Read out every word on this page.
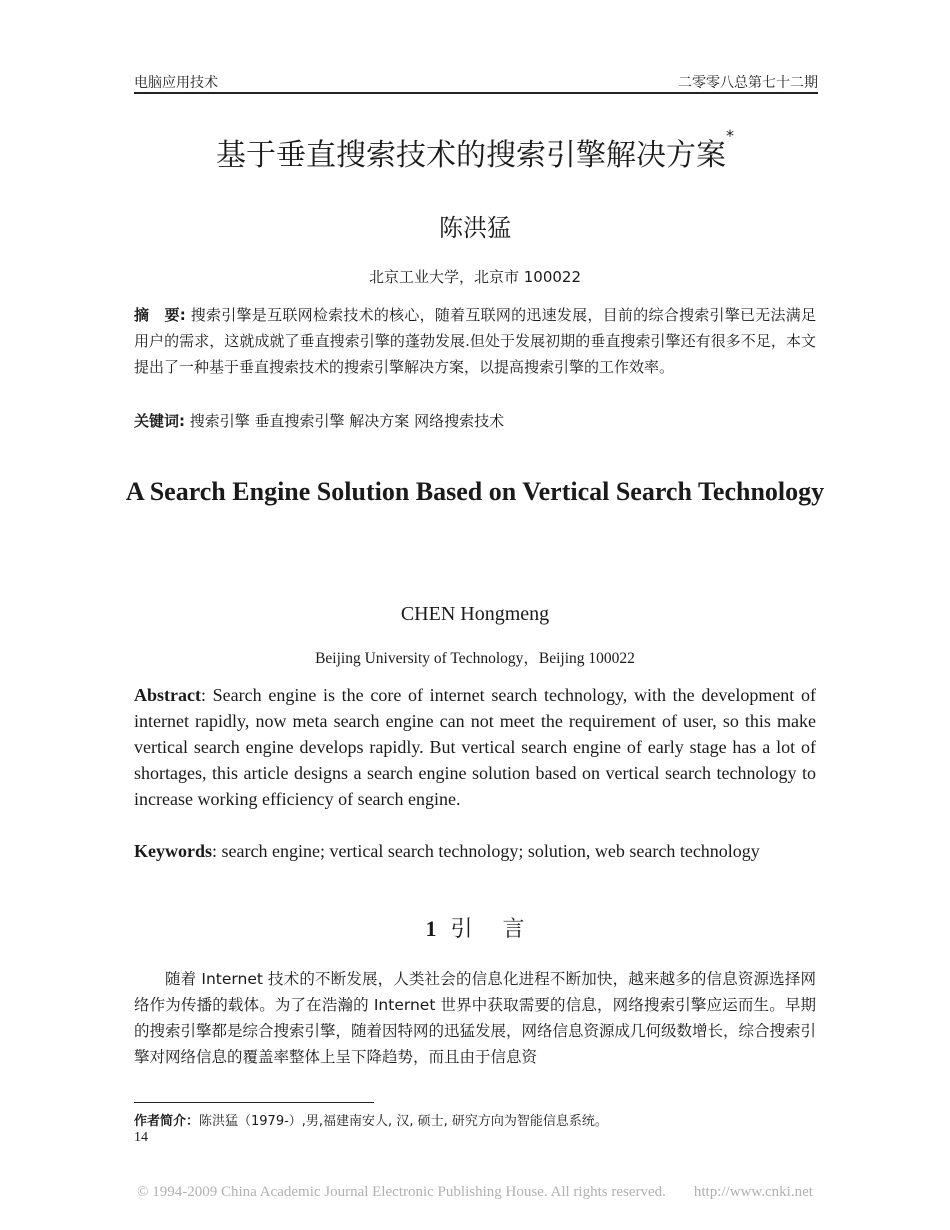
电脑应用技术	二零零八总第七十二期
基于垂直搜索技术的搜索引擎解决方案*
陈洪猛
北京工业大学，北京市 100022
摘　要: 搜索引擎是互联网检索技术的核心，随着互联网的迅速发展，目前的综合搜索引擎已无法满足用户的需求，这就成就了垂直搜索引擎的蓬勃发展.但处于发展初期的垂直搜索引擎还有很多不足，本文提出了一种基于垂直搜索技术的搜索引擎解决方案，以提高搜索引擎的工作效率。
关键词: 搜索引擎 垂直搜索引擎 解决方案 网络搜索技术
A Search Engine Solution Based on Vertical Search Technology
CHEN Hongmeng
Beijing University of Technology，Beijing 100022
Abstract: Search engine is the core of internet search technology, with the development of internet rapidly, now meta search engine can not meet the requirement of user, so this make vertical search engine develops rapidly. But vertical search engine of early stage has a lot of shortages, this article designs a search engine solution based on vertical search technology to increase working efficiency of search engine.
Keywords: search engine; vertical search technology; solution, web search technology
1 引言
随着 Internet 技术的不断发展，人类社会的信息化进程不断加快，越来越多的信息资源选择网络作为传播的载体。为了在浩瀚的 Internet 世界中获取需要的信息，网络搜索引擎应运而生。早期的搜索引擎都是综合搜索引擎，随着因特网的迅猛发展，网络信息资源成几何级数增长，综合搜索引擎对网络信息的覆盖率整体上呈下降趋势，而且由于信息资
作者简介：陈洪猛（1979-）,男,福建南安人, 汉, 硕士, 研究方向为智能信息系统。
14
© 1994-2009 China Academic Journal Electronic Publishing House. All rights reserved. http://www.cnki.net
